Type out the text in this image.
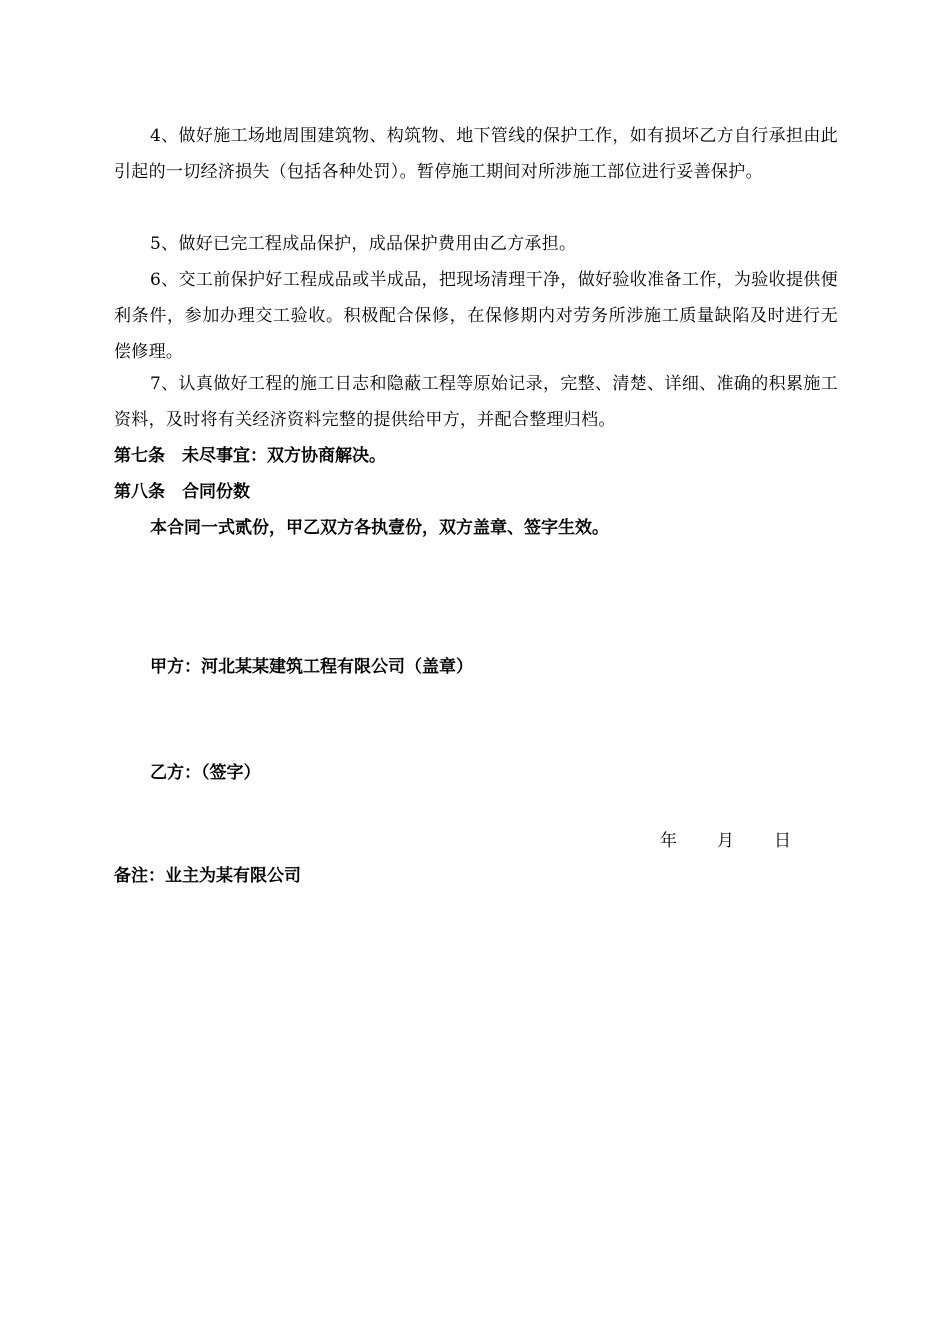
4、做好施工场地周围建筑物、构筑物、地下管线的保护工作，如有损坏乙方自行承担由此引起的一切经济损失（包括各种处罚）。暂停施工期间对所涉施工部位进行妥善保护。
5、做好已完工程成品保护，成品保护费用由乙方承担。
6、交工前保护好工程成品或半成品，把现场清理干净，做好验收准备工作，为验收提供便利条件，参加办理交工验收。积极配合保修，在保修期内对劳务所涉施工质量缺陷及时进行无偿修理。
7、认真做好工程的施工日志和隐蔽工程等原始记录，完整、清楚、详细、准确的积累施工资料，及时将有关经济资料完整的提供给甲方，并配合整理归档。
第七条　未尽事宜：双方协商解决。
第八条　合同份数
本合同一式贰份，甲乙双方各执壹份，双方盖章、签字生效。
甲方：河北某某建筑工程有限公司（盖章）
乙方：（签字）
年 月 日
备注：业主为某有限公司
